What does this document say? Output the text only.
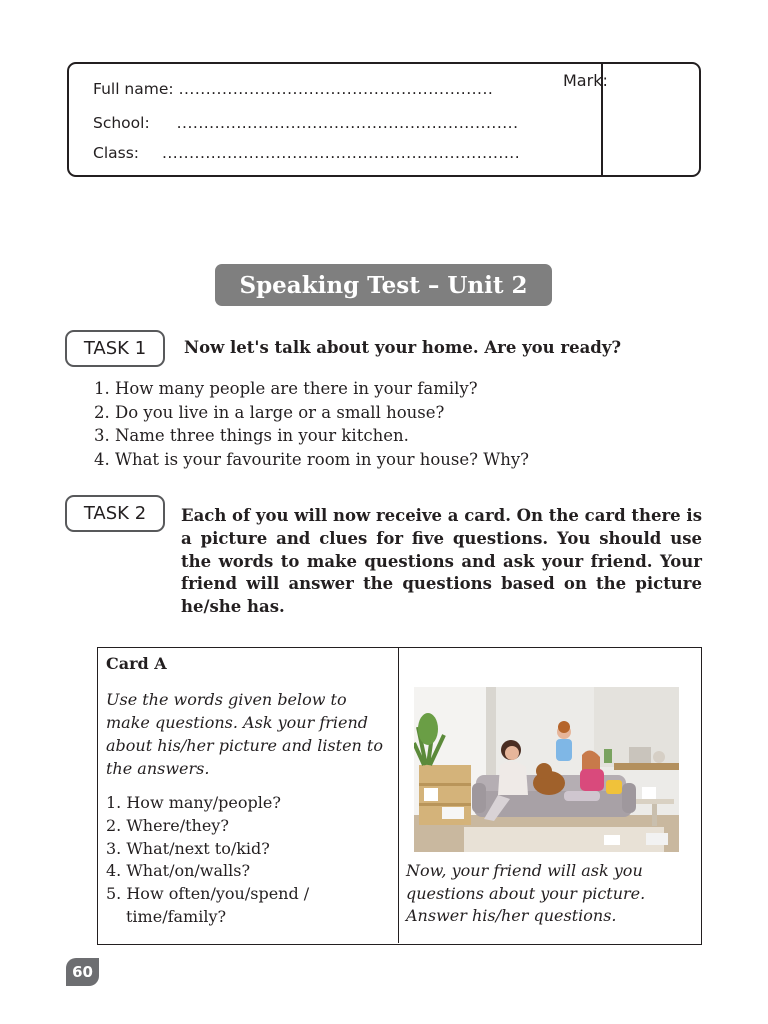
Full name: ..........................................................
School: ...............................................................
Class: ..................................................................
Mark:
Speaking Test – Unit 2
TASK 1	Now let's talk about your home. Are you ready?
1. How many people are there in your family?
2. Do you live in a large or a small house?
3. Name three things in your kitchen.
4. What is your favourite room in your house? Why?
TASK 2	Each of you will now receive a card. On the card there is a picture and clues for five questions. You should use the words to make questions and ask your friend. Your friend will answer the questions based on the picture he/she has.
Card A
Use the words given below to make questions. Ask your friend about his/her picture and listen to the answers.
1. How many/people?
2. Where/they?
3. What/next to/kid?
4. What/on/walls?
5. How often/you/spend /
time/family?
Now, your friend will ask you questions about your picture. Answer his/her questions.
60
